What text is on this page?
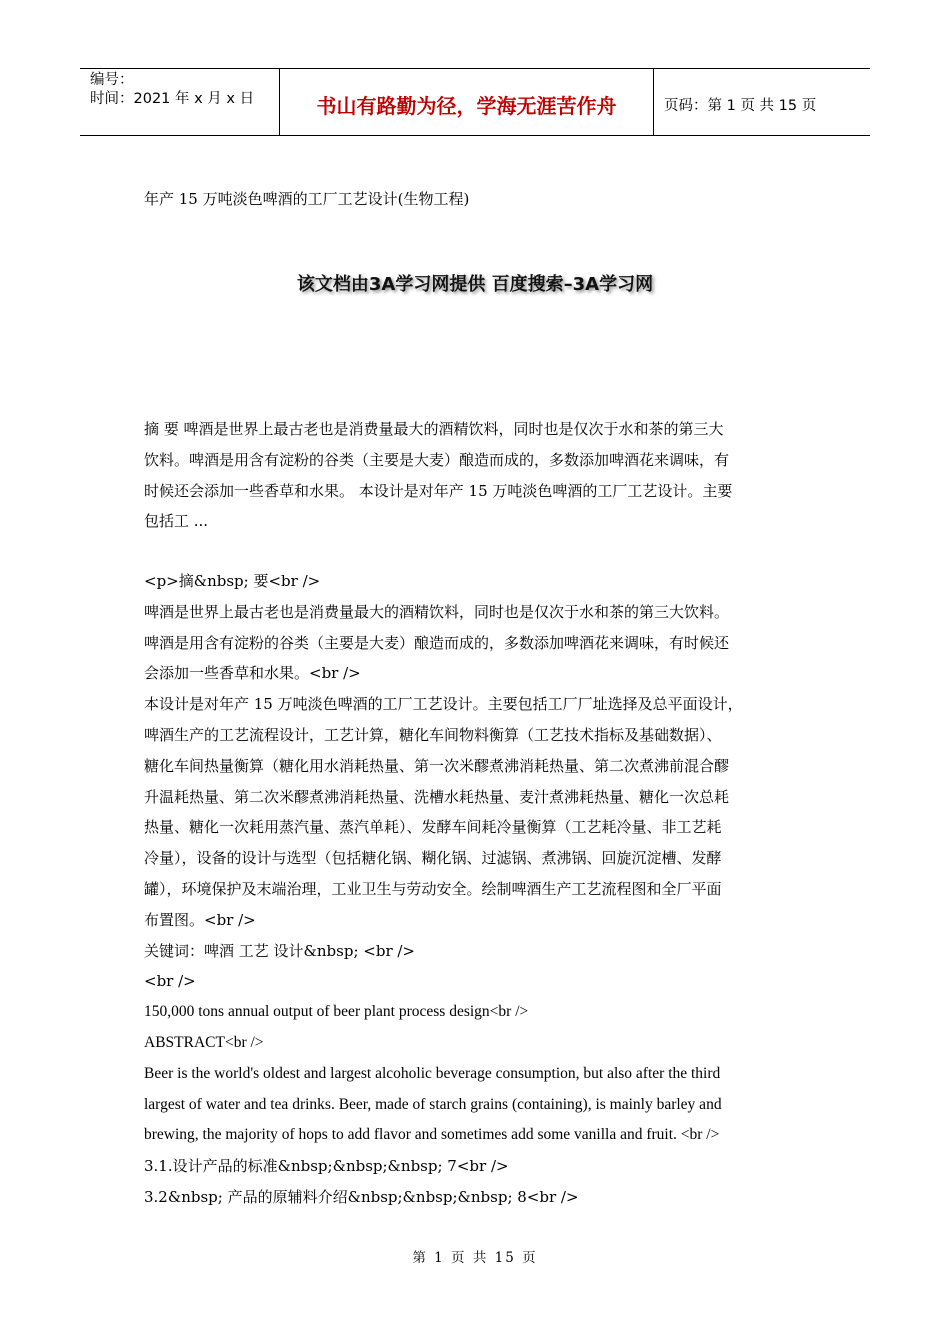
编号：
时间：2021 年 x 月 x 日	书山有路勤为径，学海无涯苦作舟	页码：第 1 页 共 15 页
年产 15 万吨淡色啤酒的工厂工艺设计(生物工程)
该文档由3A学习网提供 百度搜索–3A学习网
摘 要 啤酒是世界上最古老也是消费量最大的酒精饮料，同时也是仅次于水和茶的第三大
饮料。啤酒是用含有淀粉的谷类（主要是大麦）酿造而成的，多数添加啤酒花来调味，有
时候还会添加一些香草和水果。 本设计是对年产 15 万吨淡色啤酒的工厂工艺设计。主要
包括工 ...
<p>摘&nbsp; 要<br />
啤酒是世界上最古老也是消费量最大的酒精饮料，同时也是仅次于水和茶的第三大饮料。
啤酒是用含有淀粉的谷类（主要是大麦）酿造而成的，多数添加啤酒花来调味，有时候还
会添加一些香草和水果。<br />
本设计是对年产 15 万吨淡色啤酒的工厂工艺设计。主要包括工厂厂址选择及总平面设计，
啤酒生产的工艺流程设计，工艺计算，糖化车间物料衡算（工艺技术指标及基础数据）、
糖化车间热量衡算（糖化用水消耗热量、第一次米醪煮沸消耗热量、第二次煮沸前混合醪
升温耗热量、第二次米醪煮沸消耗热量、洗槽水耗热量、麦汁煮沸耗热量、糖化一次总耗
热量、糖化一次耗用蒸汽量、蒸汽单耗）、发酵车间耗冷量衡算（工艺耗冷量、非工艺耗
冷量），设备的设计与选型（包括糖化锅、糊化锅、过滤锅、煮沸锅、回旋沉淀槽、发酵
罐），环境保护及末端治理，工业卫生与劳动安全。绘制啤酒生产工艺流程图和全厂平面
布置图。<br />
关键词：啤酒 工艺 设计&nbsp; <br />
<br />
150,000 tons annual output of beer plant process design<br />
ABSTRACT<br />
Beer is the world's oldest and largest alcoholic beverage consumption, but also after the third
largest of water and tea drinks. Beer, made of starch grains (containing), is mainly barley and
brewing, the majority of hops to add flavor and sometimes add some vanilla and fruit. <br />
3.1.设计产品的标准&nbsp;&nbsp;&nbsp; 7<br />
3.2&nbsp; 产品的原辅料介绍&nbsp;&nbsp;&nbsp; 8<br />
第 1 页 共 15 页
